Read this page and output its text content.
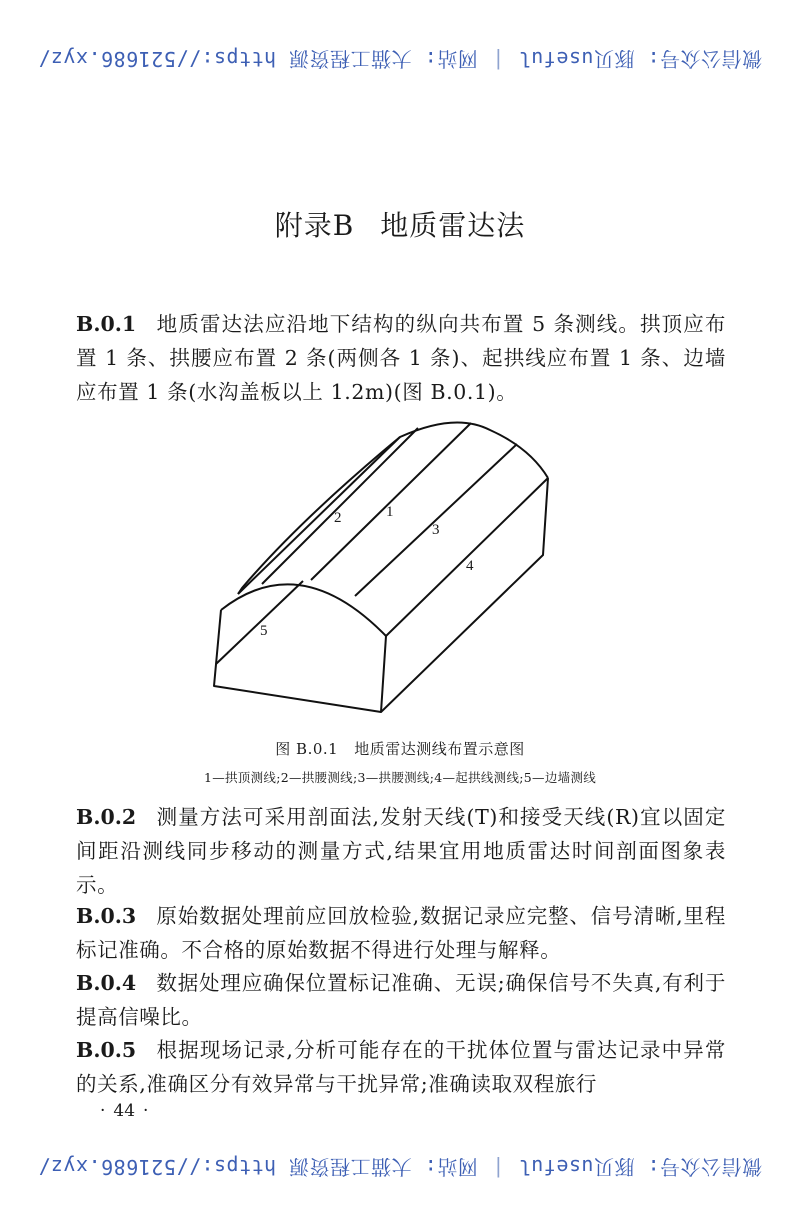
微信公众号: 豚贝useful
|
网站: 大猫工程资源 https://521686.xyz/
附录B 地质雷达法
B.0.1 地质雷达法应沿地下结构的纵向共布置 5 条测线。拱顶应布置 1 条、拱腰应布置 2 条(两侧各 1 条)、起拱线应布置 1 条、边墙应布置 1 条(水沟盖板以上 1.2m)(图 B.0.1)。
2	1
3
4
5
图 B.0.1 地质雷达测线布置示意图
1—拱顶测线;2—拱腰测线;3—拱腰测线;4—起拱线测线;5—边墙测线
B.0.2 测量方法可采用剖面法,发射天线(T)和接受天线(R)宜以固定间距沿测线同步移动的测量方式,结果宜用地质雷达时间剖面图象表示。
B.0.3 原始数据处理前应回放检验,数据记录应完整、信号清晰,里程标记准确。不合格的原始数据不得进行处理与解释。
B.0.4 数据处理应确保位置标记准确、无误;确保信号不失真,有利于提高信噪比。
B.0.5 根据现场记录,分析可能存在的干扰体位置与雷达记录中异常的关系,准确区分有效异常与干扰异常;准确读取双程旅行
· 44 ·
微信公众号: 豚贝useful
|
网站: 大猫工程资源 https://521686.xyz/
